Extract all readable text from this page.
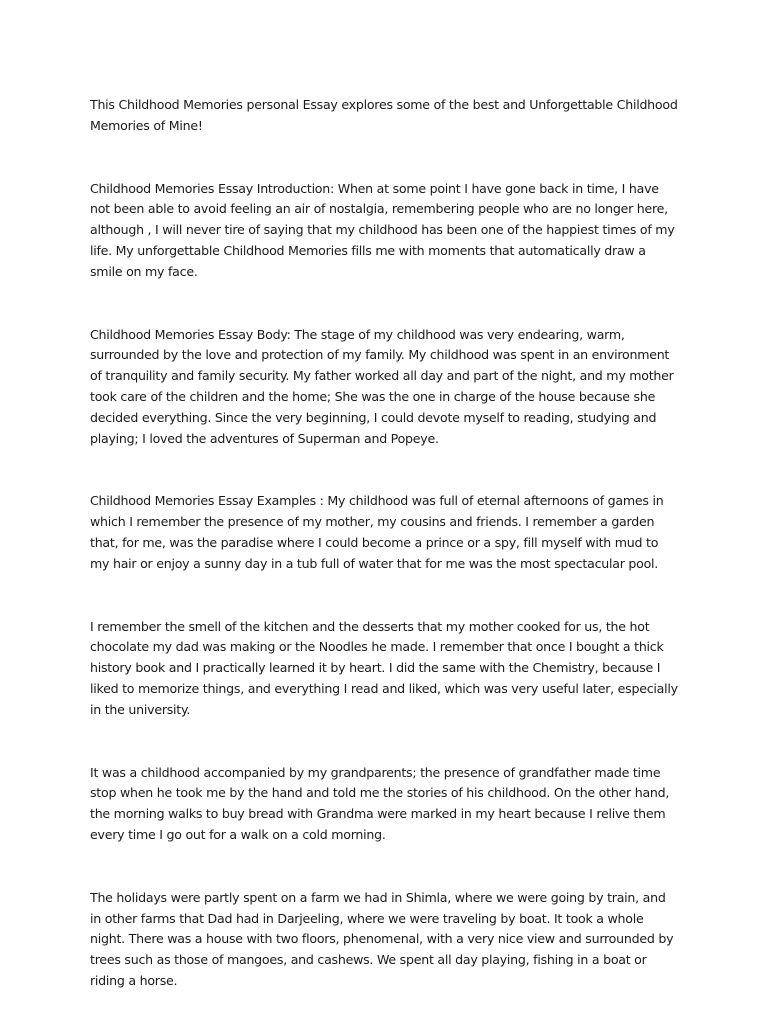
This Childhood Memories personal Essay explores some of the best and Unforgettable Childhood Memories of Mine!

Childhood Memories Essay Introduction: When at some point I have gone back in time, I have not been able to avoid feeling an air of nostalgia, remembering people who are no longer here, although , I will never tire of saying that my childhood has been one of the happiest times of my life. My unforgettable Childhood Memories fills me with moments that automatically draw a smile on my face.

Childhood Memories Essay Body: The stage of my childhood was very endearing, warm, surrounded by the love and protection of my family. My childhood was spent in an environment of tranquility and family security. My father worked all day and part of the night, and my mother took care of the children and the home; She was the one in charge of the house because she decided everything. Since the very beginning, I could devote myself to reading, studying and playing; I loved the adventures of Superman and Popeye.

Childhood Memories Essay Examples : My childhood was full of eternal afternoons of games in which I remember the presence of my mother, my cousins and friends. I remember a garden that, for me, was the paradise where I could become a prince or a spy, fill myself with mud to my hair or enjoy a sunny day in a tub full of water that for me was the most spectacular pool.

I remember the smell of the kitchen and the desserts that my mother cooked for us, the hot chocolate my dad was making or the Noodles he made. I remember that once I bought a thick history book and I practically learned it by heart. I did the same with the Chemistry, because I liked to memorize things, and everything I read and liked, which was very useful later, especially in the university.

It was a childhood accompanied by my grandparents; the presence of grandfather made time stop when he took me by the hand and told me the stories of his childhood. On the other hand, the morning walks to buy bread with Grandma were marked in my heart because I relive them every time I go out for a walk on a cold morning.

The holidays were partly spent on a farm we had in Shimla, where we were going by train, and in other farms that Dad had in Darjeeling, where we were traveling by boat. It took a whole night. There was a house with two floors, phenomenal, with a very nice view and surrounded by trees such as those of mangoes, and cashews. We spent all day playing, fishing in a boat or riding a horse.
